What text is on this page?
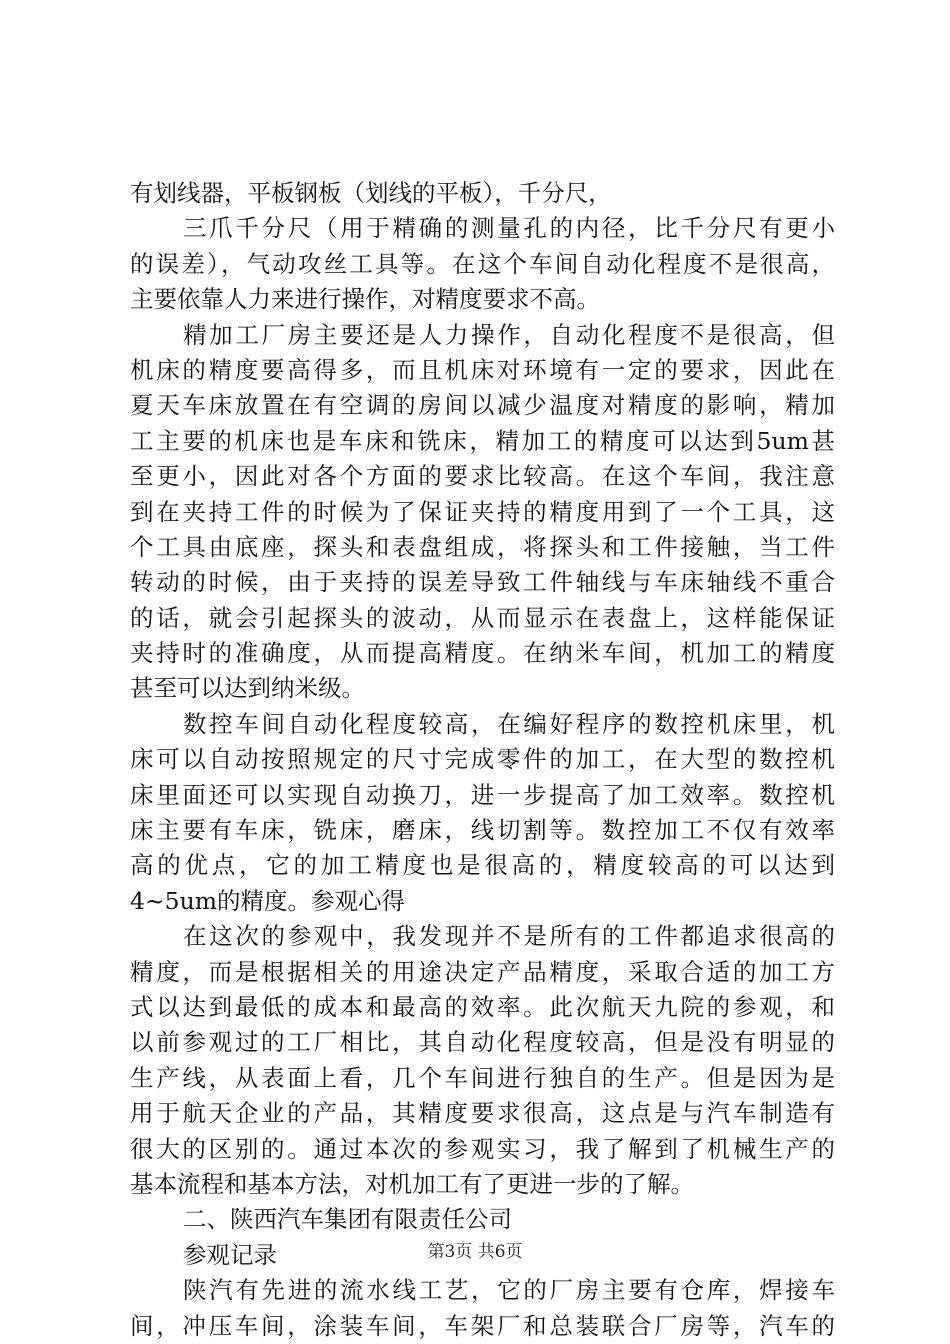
有划线器，平板钢板（划线的平板），千分尺，
三爪千分尺（用于精确的测量孔的内径，比千分尺有更小
的误差），气动攻丝工具等。在这个车间自动化程度不是很高，
主要依靠人力来进行操作，对精度要求不高。
精加工厂房主要还是人力操作，自动化程度不是很高，但
机床的精度要高得多，而且机床对环境有一定的要求，因此在
夏天车床放置在有空调的房间以减少温度对精度的影响，精加
工主要的机床也是车床和铣床，精加工的精度可以达到5um甚
至更小，因此对各个方面的要求比较高。在这个车间，我注意
到在夹持工件的时候为了保证夹持的精度用到了一个工具，这
个工具由底座，探头和表盘组成，将探头和工件接触，当工件
转动的时候，由于夹持的误差导致工件轴线与车床轴线不重合
的话，就会引起探头的波动，从而显示在表盘上，这样能保证
夹持时的准确度，从而提高精度。在纳米车间，机加工的精度
甚至可以达到纳米级。
数控车间自动化程度较高，在编好程序的数控机床里，机
床可以自动按照规定的尺寸完成零件的加工，在大型的数控机
床里面还可以实现自动换刀，进一步提高了加工效率。数控机
床主要有车床，铣床，磨床，线切割等。数控加工不仅有效率
高的优点，它的加工精度也是很高的，精度较高的可以达到
4~5um的精度。参观心得
在这次的参观中，我发现并不是所有的工件都追求很高的
精度，而是根据相关的用途决定产品精度，采取合适的加工方
式以达到最低的成本和最高的效率。此次航天九院的参观，和
以前参观过的工厂相比，其自动化程度较高，但是没有明显的
生产线，从表面上看，几个车间进行独自的生产。但是因为是
用于航天企业的产品，其精度要求很高，这点是与汽车制造有
很大的区别的。通过本次的参观实习，我了解到了机械生产的
基本流程和基本方法，对机加工有了更进一步的了解。
二、陕西汽车集团有限责任公司
参观记录
陕汽有先进的流水线工艺，它的厂房主要有仓库，焊接车
间，冲压车间，涂装车间，车架厂和总装联合厂房等，汽车的
第3页 共6页
